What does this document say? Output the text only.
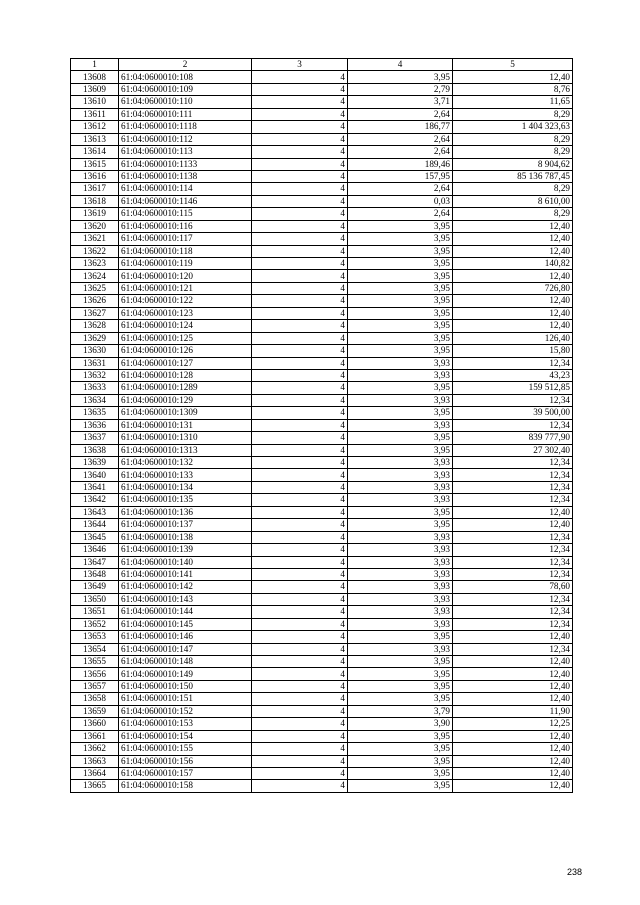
1	2	3	4	5
13608	61:04:0600010:108	4	3,95	12,40
13609	61:04:0600010:109	4	2,79	8,76
13610	61:04:0600010:110	4	3,71	11,65
13611	61:04:0600010:111	4	2,64	8,29
13612	61:04:0600010:1118	4	186,77	1 404 323,63
13613	61:04:0600010:112	4	2,64	8,29
13614	61:04:0600010:113	4	2,64	8,29
13615	61:04:0600010:1133	4	189,46	8 904,62
13616	61:04:0600010:1138	4	157,95	85 136 787,45
13617	61:04:0600010:114	4	2,64	8,29
13618	61:04:0600010:1146	4	0,03	8 610,00
13619	61:04:0600010:115	4	2,64	8,29
13620	61:04:0600010:116	4	3,95	12,40
13621	61:04:0600010:117	4	3,95	12,40
13622	61:04:0600010:118	4	3,95	12,40
13623	61:04:0600010:119	4	3,95	140,82
13624	61:04:0600010:120	4	3,95	12,40
13625	61:04:0600010:121	4	3,95	726,80
13626	61:04:0600010:122	4	3,95	12,40
13627	61:04:0600010:123	4	3,95	12,40
13628	61:04:0600010:124	4	3,95	12,40
13629	61:04:0600010:125	4	3,95	126,40
13630	61:04:0600010:126	4	3,95	15,80
13631	61:04:0600010:127	4	3,93	12,34
13632	61:04:0600010:128	4	3,93	43,23
13633	61:04:0600010:1289	4	3,95	159 512,85
13634	61:04:0600010:129	4	3,93	12,34
13635	61:04:0600010:1309	4	3,95	39 500,00
13636	61:04:0600010:131	4	3,93	12,34
13637	61:04:0600010:1310	4	3,95	839 777,90
13638	61:04:0600010:1313	4	3,95	27 302,40
13639	61:04:0600010:132	4	3,93	12,34
13640	61:04:0600010:133	4	3,93	12,34
13641	61:04:0600010:134	4	3,93	12,34
13642	61:04:0600010:135	4	3,93	12,34
13643	61:04:0600010:136	4	3,95	12,40
13644	61:04:0600010:137	4	3,95	12,40
13645	61:04:0600010:138	4	3,93	12,34
13646	61:04:0600010:139	4	3,93	12,34
13647	61:04:0600010:140	4	3,93	12,34
13648	61:04:0600010:141	4	3,93	12,34
13649	61:04:0600010:142	4	3,93	78,60
13650	61:04:0600010:143	4	3,93	12,34
13651	61:04:0600010:144	4	3,93	12,34
13652	61:04:0600010:145	4	3,93	12,34
13653	61:04:0600010:146	4	3,95	12,40
13654	61:04:0600010:147	4	3,93	12,34
13655	61:04:0600010:148	4	3,95	12,40
13656	61:04:0600010:149	4	3,95	12,40
13657	61:04:0600010:150	4	3,95	12,40
13658	61:04:0600010:151	4	3,95	12,40
13659	61:04:0600010:152	4	3,79	11,90
13660	61:04:0600010:153	4	3,90	12,25
13661	61:04:0600010:154	4	3,95	12,40
13662	61:04:0600010:155	4	3,95	12,40
13663	61:04:0600010:156	4	3,95	12,40
13664	61:04:0600010:157	4	3,95	12,40
13665	61:04:0600010:158	4	3,95	12,40
238
